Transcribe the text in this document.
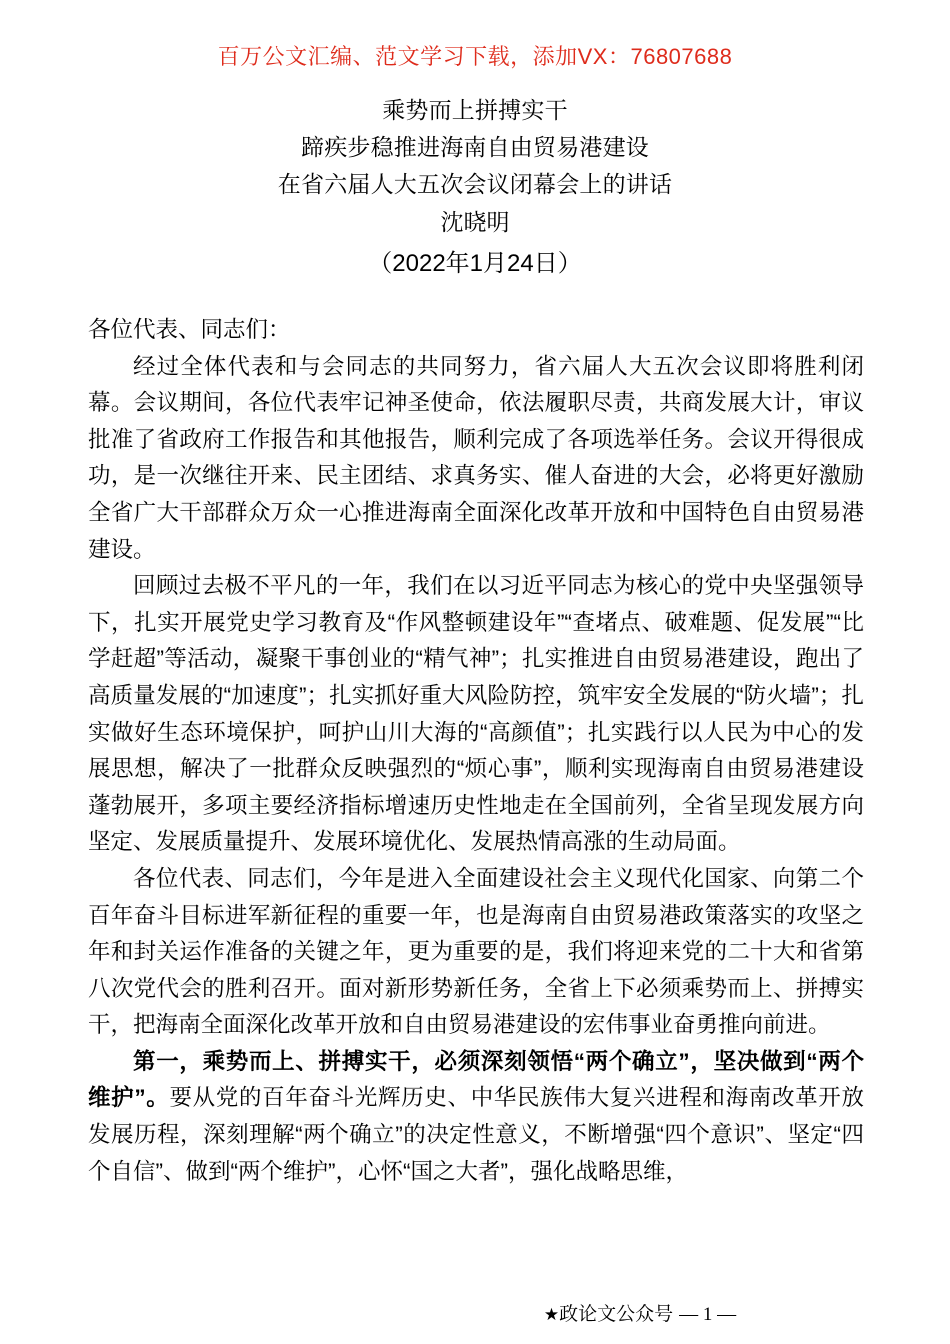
百万公文汇编、范文学习下载，添加VX：76807688
乘势而上拼搏实干
蹄疾步稳推进海南自由贸易港建设
在省六届人大五次会议闭幕会上的讲话
沈晓明
（2022年1月24日）

各位代表、同志们：

经过全体代表和与会同志的共同努力，省六届人大五次会议即将胜利闭幕。会议期间，各位代表牢记神圣使命，依法履职尽责，共商发展大计，审议批准了省政府工作报告和其他报告，顺利完成了各项选举任务。会议开得很成功，是一次继往开来、民主团结、求真务实、催人奋进的大会，必将更好激励全省广大干部群众万众一心推进海南全面深化改革开放和中国特色自由贸易港建设。

回顾过去极不平凡的一年，我们在以习近平同志为核心的党中央坚强领导下，扎实开展党史学习教育及“作风整顿建设年”“查堵点、破难题、促发展”“比学赶超”等活动，凝聚干事创业的“精气神”；扎实推进自由贸易港建设，跑出了高质量发展的“加速度”；扎实抓好重大风险防控，筑牢安全发展的“防火墙”；扎实做好生态环境保护，呵护山川大海的“高颜值”；扎实践行以人民为中心的发展思想，解决了一批群众反映强烈的“烦心事”，顺利实现海南自由贸易港建设蓬勃展开，多项主要经济指标增速历史性地走在全国前列，全省呈现发展方向坚定、发展质量提升、发展环境优化、发展热情高涨的生动局面。

各位代表、同志们，今年是进入全面建设社会主义现代化国家、向第二个百年奋斗目标进军新征程的重要一年，也是海南自由贸易港政策落实的攻坚之年和封关运作准备的关键之年，更为重要的是，我们将迎来党的二十大和省第八次党代会的胜利召开。面对新形势新任务，全省上下必须乘势而上、拼搏实干，把海南全面深化改革开放和自由贸易港建设的宏伟事业奋勇推向前进。

第一，乘势而上、拼搏实干，必须深刻领悟“两个确立”，坚决做到“两个维护”。要从党的百年奋斗光辉历史、中华民族伟大复兴进程和海南改革开放发展历程，深刻理解“两个确立”的决定性意义，不断增强“四个意识”、坚定“四个自信”、做到“两个维护”，心怀“国之大者”，强化战略思维，

★政论文公众号 — 1 —
